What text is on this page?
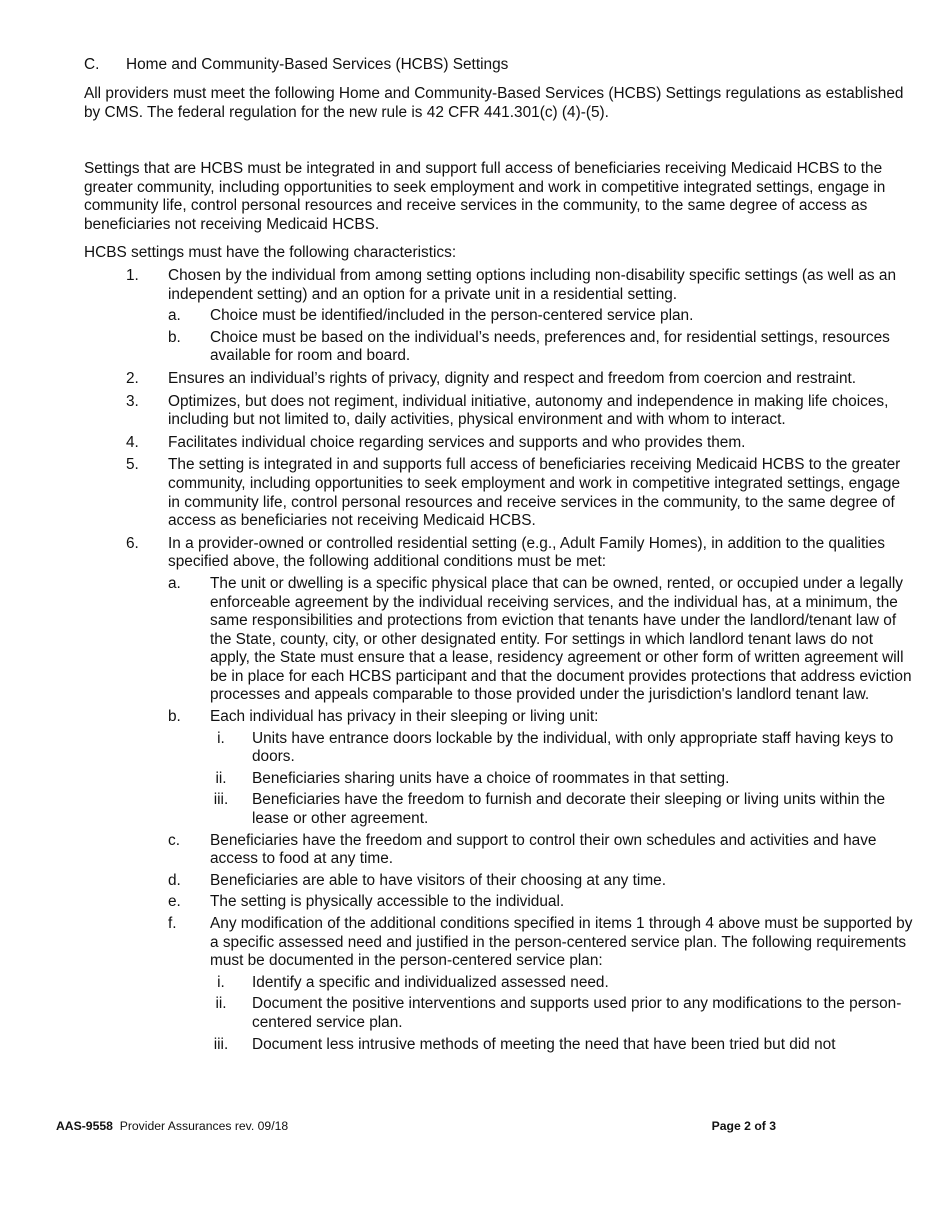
C. Home and Community-Based Services (HCBS) Settings

All providers must meet the following Home and Community-Based Services (HCBS) Settings regulations as established by CMS. The federal regulation for the new rule is 42 CFR 441.301(c) (4)-(5).

Settings that are HCBS must be integrated in and support full access of beneficiaries receiving Medicaid HCBS to the greater community, including opportunities to seek employment and work in competitive integrated settings, engage in community life, control personal resources and receive services in the community, to the same degree of access as beneficiaries not receiving Medicaid HCBS.

HCBS settings must have the following characteristics:

1. Chosen by the individual from among setting options including non-disability specific settings (as well as an independent setting) and an option for a private unit in a residential setting.
a. Choice must be identified/included in the person-centered service plan.
b. Choice must be based on the individual’s needs, preferences and, for residential settings, resources available for room and board.
2. Ensures an individual’s rights of privacy, dignity and respect and freedom from coercion and restraint.
3. Optimizes, but does not regiment, individual initiative, autonomy and independence in making life choices, including but not limited to, daily activities, physical environment and with whom to interact.
4. Facilitates individual choice regarding services and supports and who provides them.
5. The setting is integrated in and supports full access of beneficiaries receiving Medicaid HCBS to the greater community, including opportunities to seek employment and work in competitive integrated settings, engage in community life, control personal resources and receive services in the community, to the same degree of access as beneficiaries not receiving Medicaid HCBS.
6. In a provider-owned or controlled residential setting (e.g., Adult Family Homes), in addition to the qualities specified above, the following additional conditions must be met:
a. The unit or dwelling is a specific physical place that can be owned, rented, or occupied under a legally enforceable agreement by the individual receiving services, and the individual has, at a minimum, the same responsibilities and protections from eviction that tenants have under the landlord/tenant law of the State, county, city, or other designated entity. For settings in which landlord tenant laws do not apply, the State must ensure that a lease, residency agreement or other form of written agreement will be in place for each HCBS participant and that the document provides protections that address eviction processes and appeals comparable to those provided under the jurisdiction's landlord tenant law.
b. Each individual has privacy in their sleeping or living unit:
i.	Units have entrance doors lockable by the individual, with only appropriate staff having keys to doors.
ii.	Beneficiaries sharing units have a choice of roommates in that setting.
iii. Beneficiaries have the freedom to furnish and decorate their sleeping or living units within the lease or other agreement.
c. Beneficiaries have the freedom and support to control their own schedules and activities and have access to food at any time.
d. Beneficiaries are able to have visitors of their choosing at any time.
e. The setting is physically accessible to the individual.
f. Any modification of the additional conditions specified in items 1 through 4 above must be supported by a specific assessed need and justified in the person-centered service plan. The following requirements must be documented in the person-centered service plan:
i.	Identify a specific and individualized assessed need.
ii.	Document the positive interventions and supports used prior to any modifications to the person-centered service plan.
iii. Document less intrusive methods of meeting the need that have been tried but did not
AAS-9558 Provider Assurances rev. 09/18	Page 2 of 3
